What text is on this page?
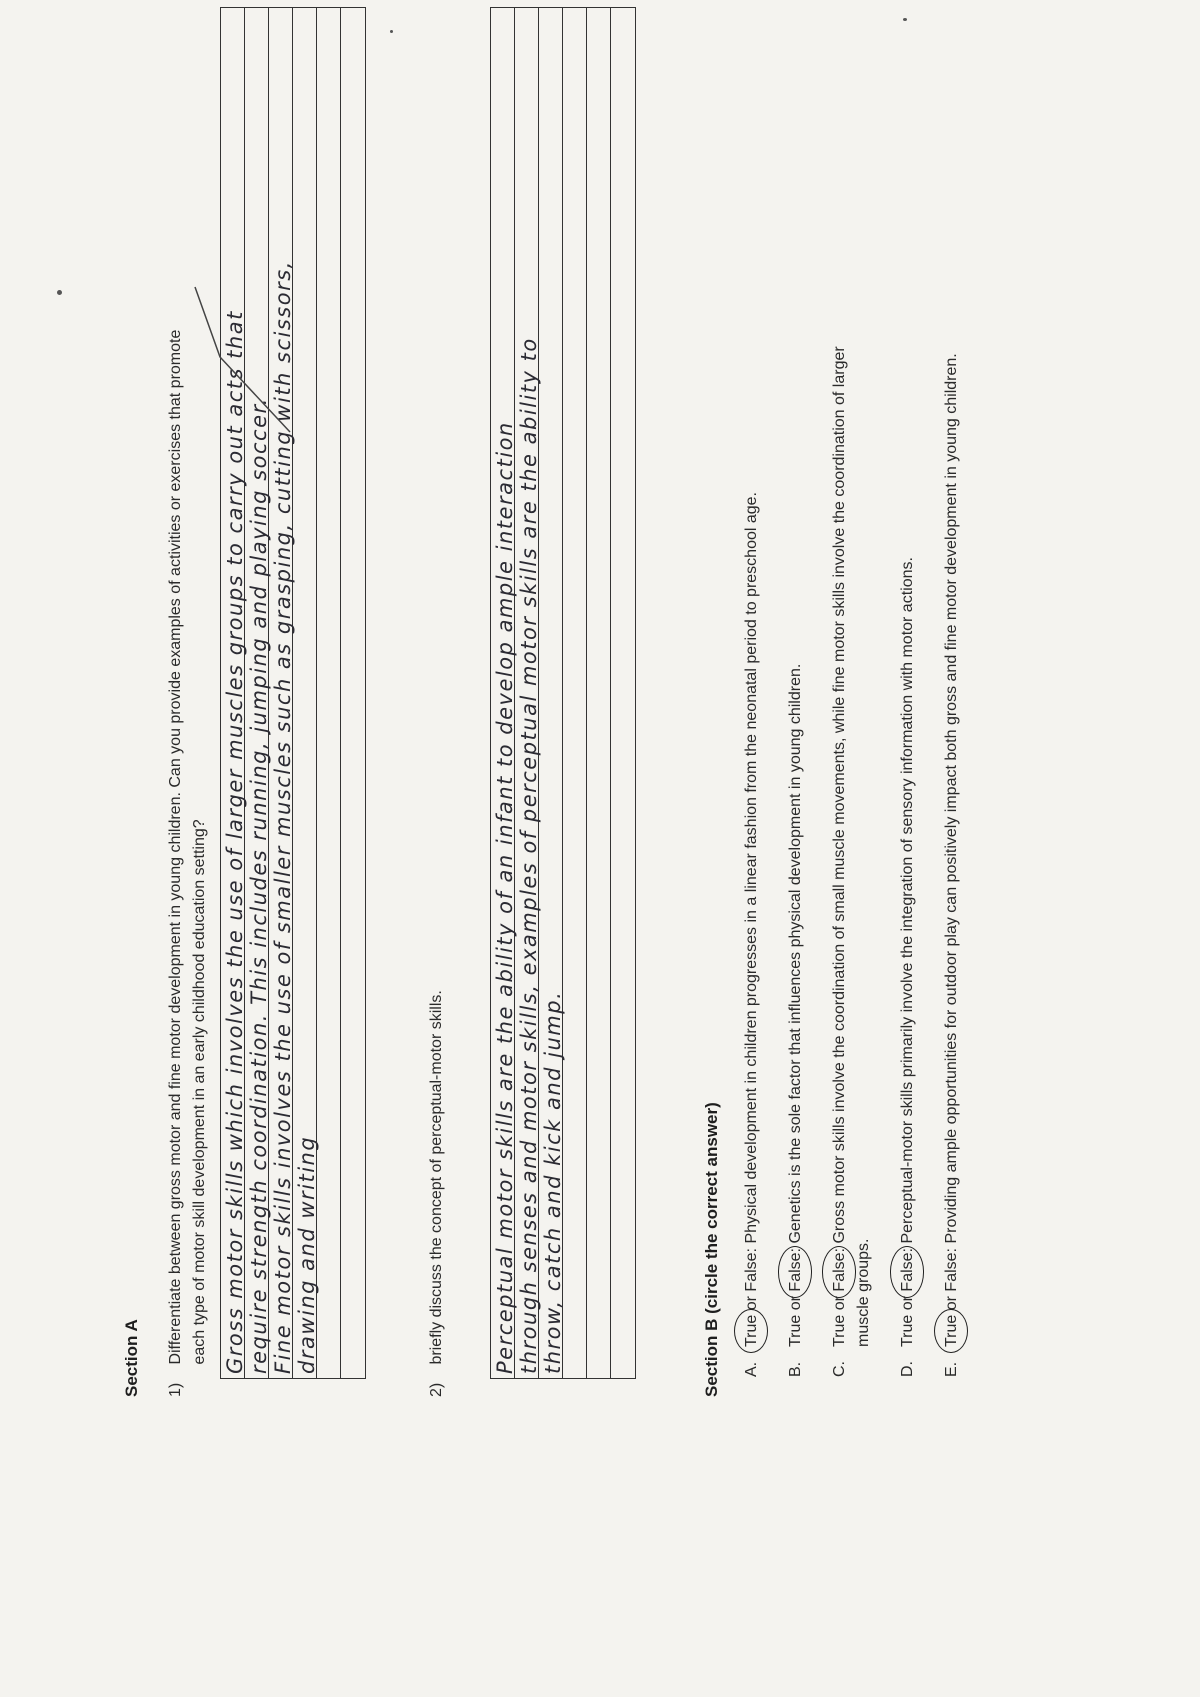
Section A 1) Differentiate between gross motor and fine motor development in young children. Can you provide examples of activities or exercises that promote each type of motor skill development in an early childhood education setting? Gross motor skills which involves the use of larger muscles groups to carry out acts that require strength coordination. This includes running, jumping and playing soccer. Fine motor skills involves the use of smaller muscles such as grasping, cutting with scissors, drawing and writing
2) briefly discuss the concept of perceptual-motor skills. Perceptual motor skills are the ability of an infant to develop ample interaction through senses and motor skills, examples of perceptual motor skills are the ability to throw, catch and kick and jump.	Section B (circle the correct answer) A.True or False: Physical development in children progresses in a linear fashion from the neonatal period to preschool age.
B.True or False: Genetics is the sole factor that influences physical development in young children.
C.True or False: Gross motor skills involve the coordination of small muscle movements, while fine motor skills involve the coordination of larger
muscle groups.
D.True or False: Perceptual-motor skills primarily involve the integration of sensory information with motor actions.
E.True or False: Providing ample opportunities for outdoor play can positively impact both gross and fine motor development in young children.
